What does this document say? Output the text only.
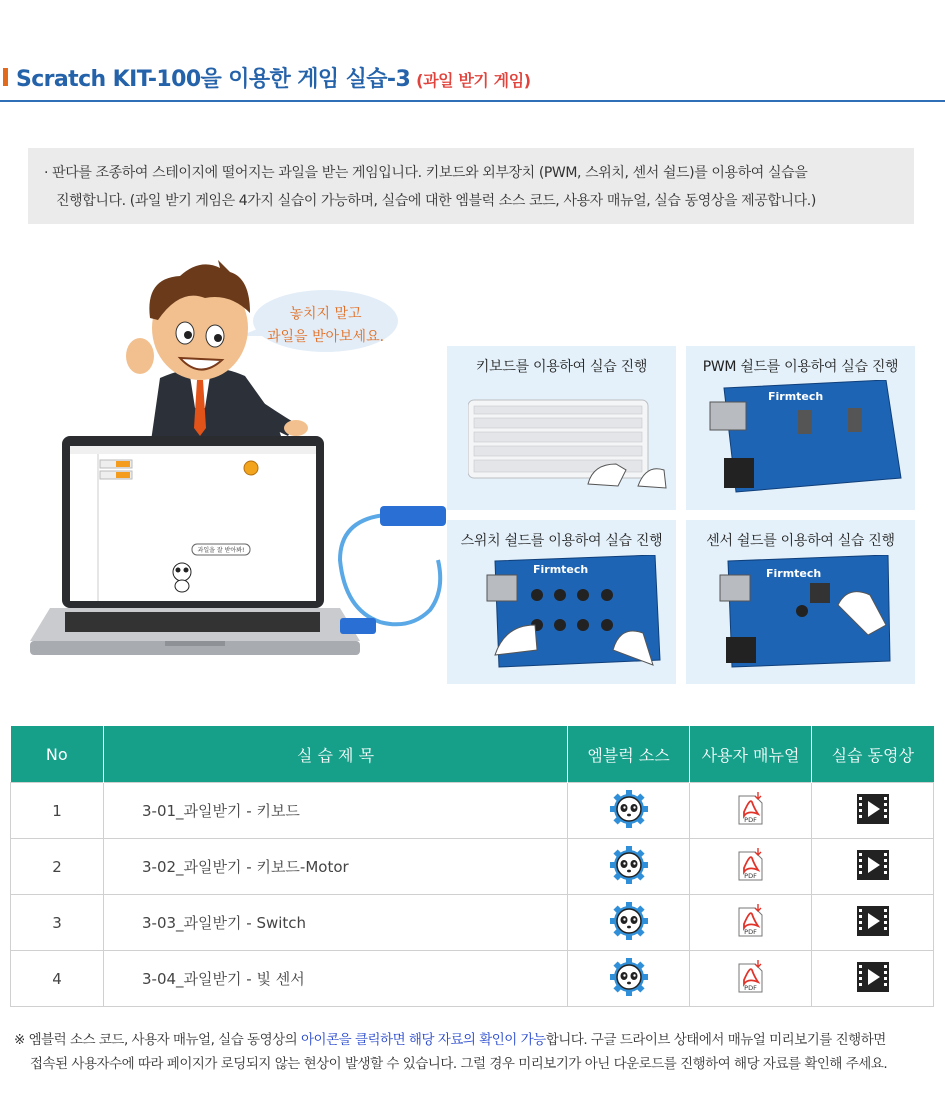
Scratch KIT-100을 이용한 게임 실습-3 (과일 받기 게임)
· 판다를 조종하여 스테이지에 떨어지는 과일을 받는 게임입니다. 키보드와 외부장치 (PWM, 스위치, 센서 쉴드)를 이용하여 실습을
진행합니다. (과일 받기 게임은 4가지 실습이 가능하며, 실습에 대한 엠블럭 소스 코드, 사용자 매뉴얼, 실습 동영상을 제공합니다.)
놓치지 말고
과일을 받아보세요.
과일을 잘 받아봐!
키보드를 이용하여 실습 진행	PWM 쉴드를 이용하여 실습 진행
Firmtech
스위치 쉴드를 이용하여 실습 진행
Firmtech
센서 쉴드를 이용하여 실습 진행
Firmtech
No	실 습 제 목	엠블럭 소스	사용자 매뉴얼	실습 동영상
1	3-01_과일받기 - 키보드		PDF

2	3-02_과일받기 - 키보드-Motor		PDF

3	3-03_과일받기 - Switch		PDF

4	3-04_과일받기 - 빛 센서		PDF

※ 엠블럭 소스 코드, 사용자 매뉴얼, 실습 동영상의 아이콘을 클릭하면 해당 자료의 확인이 가능합니다. 구글 드라이브 상태에서 매뉴얼 미리보기를 진행하면
접속된 사용자수에 따라 페이지가 로딩되지 않는 현상이 발생할 수 있습니다. 그럴 경우 미리보기가 아닌 다운로드를 진행하여 해당 자료를 확인해 주세요.
